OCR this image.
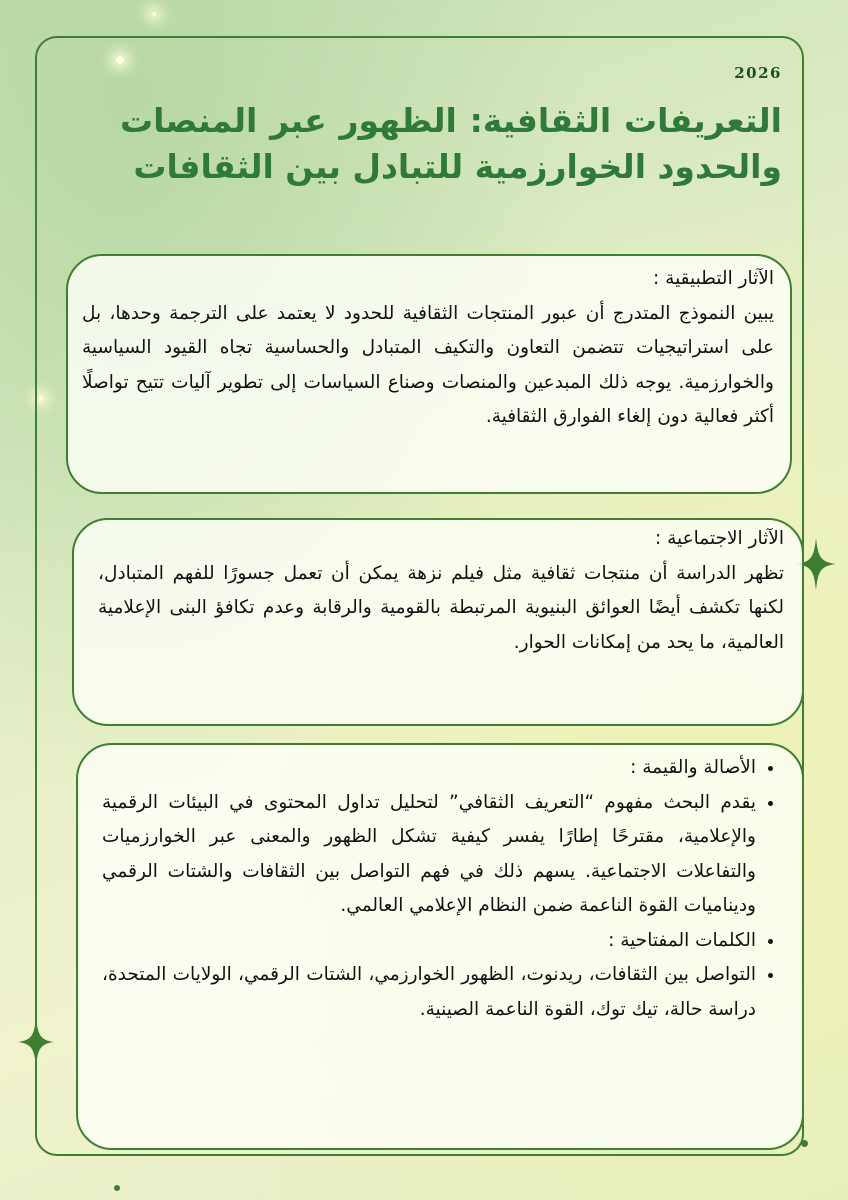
2026
التعريفات الثقافية: الظهور عبر المنصات والحدود الخوارزمية للتبادل بين الثقافات
الآثار التطبيقية :
يبين النموذج المتدرج أن عبور المنتجات الثقافية للحدود لا يعتمد على الترجمة وحدها، بل على استراتيجيات تتضمن التعاون والتكيف المتبادل والحساسية تجاه القيود السياسية والخوارزمية. يوجه ذلك المبدعين والمنصات وصناع السياسات إلى تطوير آليات تتيح تواصلًا أكثر فعالية دون إلغاء الفوارق الثقافية.
الآثار الاجتماعية :
تظهر الدراسة أن منتجات ثقافية مثل فيلم نزهة يمكن أن تعمل جسورًا للفهم المتبادل، لكنها تكشف أيضًا العوائق البنيوية المرتبطة بالقومية والرقابة وعدم تكافؤ البنى الإعلامية العالمية، ما يحد من إمكانات الحوار.
• الأصالة والقيمة :
• يقدم البحث مفهوم “التعريف الثقافي” لتحليل تداول المحتوى في البيئات الرقمية والإعلامية، مقترحًا إطارًا يفسر كيفية تشكل الظهور والمعنى عبر الخوارزميات والتفاعلات الاجتماعية. يسهم ذلك في فهم التواصل بين الثقافات والشتات الرقمي وديناميات القوة الناعمة ضمن النظام الإعلامي العالمي.
• الكلمات المفتاحية :
• التواصل بين الثقافات، ريدنوت، الظهور الخوارزمي، الشتات الرقمي، الولايات المتحدة، دراسة حالة، تيك توك، القوة الناعمة الصينية.
